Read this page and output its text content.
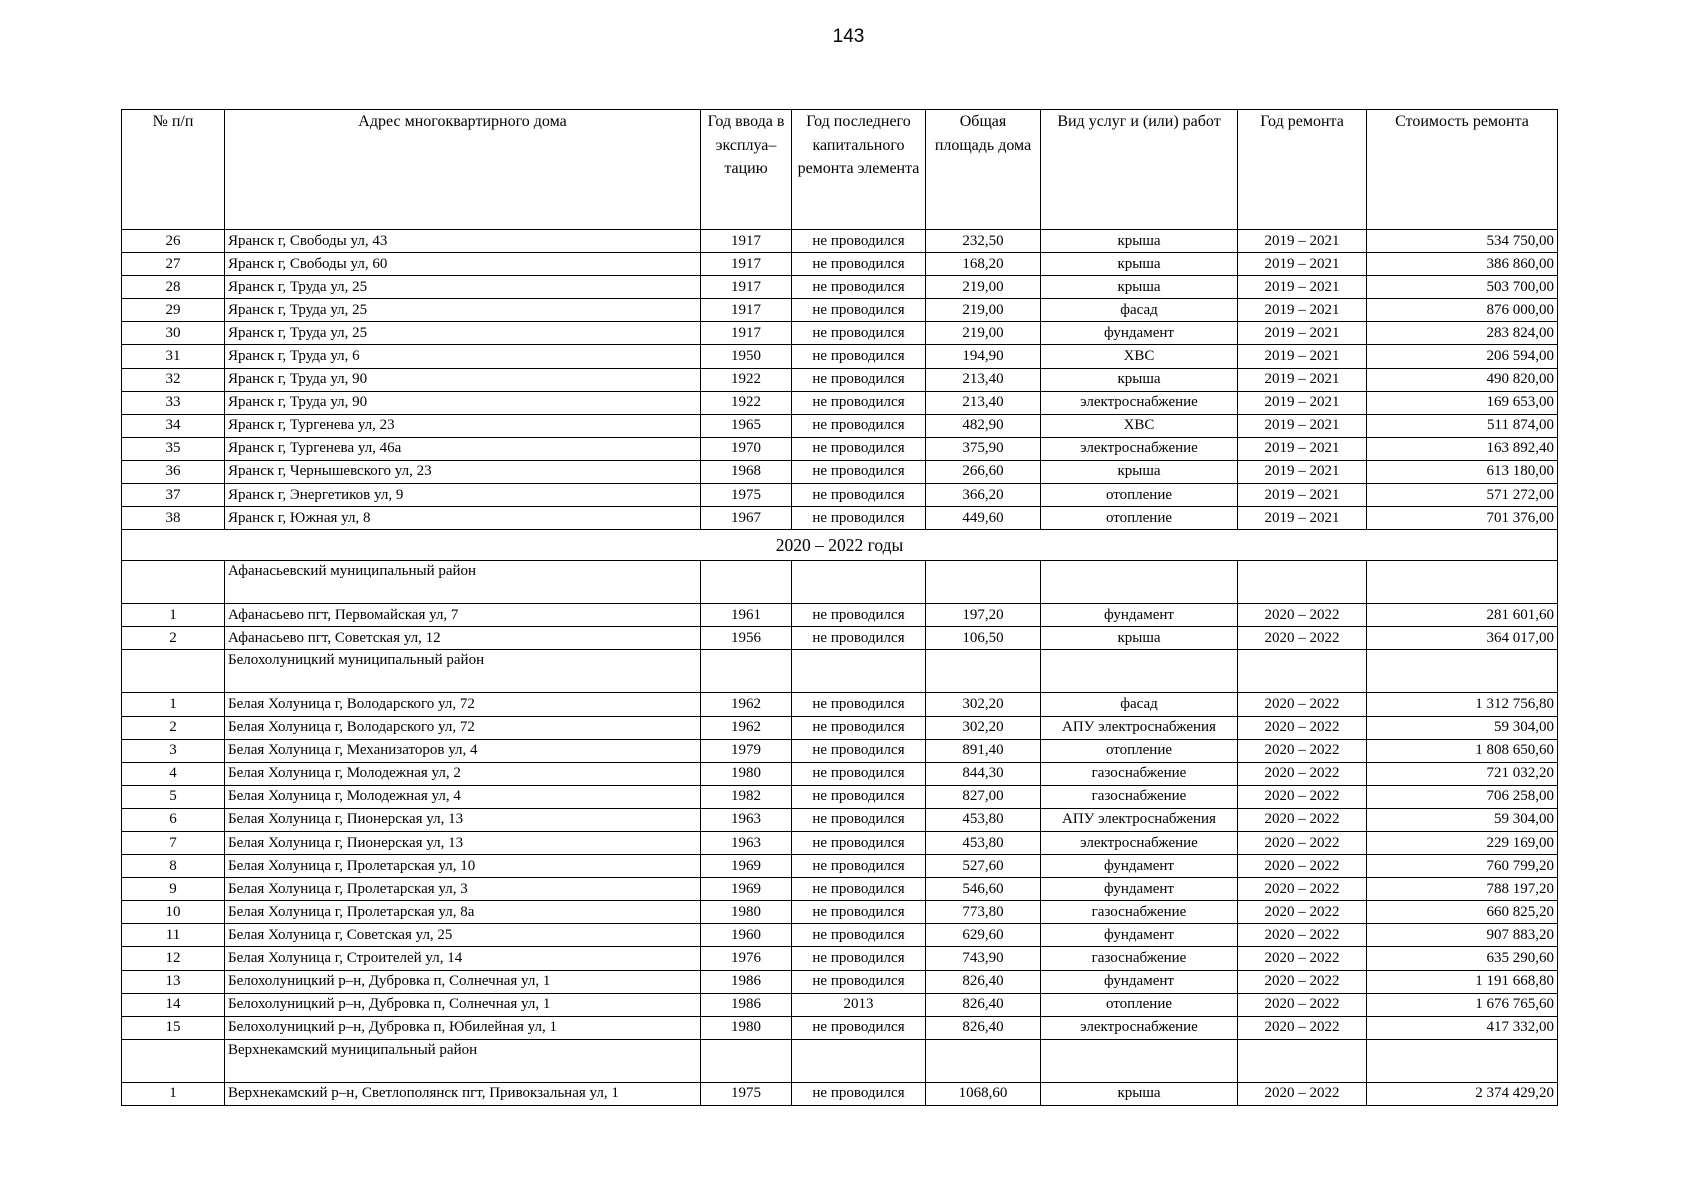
143
№ п/п	Адрес многоквартирного дома	Год ввода в эксплуа–тацию	Год последнего капитального ремонта элемента	Общая площадь дома	Вид услуг и (или) работ	Год ремонта	Стоимость ремонта
26	Яранск г, Свободы ул, 43	1917	не проводился	232,50	крыша	2019 – 2021	534 750,00
27	Яранск г, Свободы ул, 60	1917	не проводился	168,20	крыша	2019 – 2021	386 860,00
28	Яранск г, Труда ул, 25	1917	не проводился	219,00	крыша	2019 – 2021	503 700,00
29	Яранск г, Труда ул, 25	1917	не проводился	219,00	фасад	2019 – 2021	876 000,00
30	Яранск г, Труда ул, 25	1917	не проводился	219,00	фундамент	2019 – 2021	283 824,00
31	Яранск г, Труда ул, 6	1950	не проводился	194,90	ХВС	2019 – 2021	206 594,00
32	Яранск г, Труда ул, 90	1922	не проводился	213,40	крыша	2019 – 2021	490 820,00
33	Яранск г, Труда ул, 90	1922	не проводился	213,40	электроснабжение	2019 – 2021	169 653,00
34	Яранск г, Тургенева ул, 23	1965	не проводился	482,90	ХВС	2019 – 2021	511 874,00
35	Яранск г, Тургенева ул, 46а	1970	не проводился	375,90	электроснабжение	2019 – 2021	163 892,40
36	Яранск г, Чернышевского ул, 23	1968	не проводился	266,60	крыша	2019 – 2021	613 180,00
37	Яранск г, Энергетиков ул, 9	1975	не проводился	366,20	отопление	2019 – 2021	571 272,00
38	Яранск г, Южная ул, 8	1967	не проводился	449,60	отопление	2019 – 2021	701 376,00
2020 – 2022 годы							
	Афанасьевский муниципальный район						
1	Афанасьево пгт, Первомайская ул, 7	1961	не проводился	197,20	фундамент	2020 – 2022	281 601,60
2	Афанасьево пгт, Советская ул, 12	1956	не проводился	106,50	крыша	2020 – 2022	364 017,00
	Белохолуницкий муниципальный район						
1	Белая Холуница г, Володарского ул, 72	1962	не проводился	302,20	фасад	2020 – 2022	1 312 756,80
2	Белая Холуница г, Володарского ул, 72	1962	не проводился	302,20	АПУ электроснабжения	2020 – 2022	59 304,00
3	Белая Холуница г, Механизаторов ул, 4	1979	не проводился	891,40	отопление	2020 – 2022	1 808 650,60
4	Белая Холуница г, Молодежная ул, 2	1980	не проводился	844,30	газоснабжение	2020 – 2022	721 032,20
5	Белая Холуница г, Молодежная ул, 4	1982	не проводился	827,00	газоснабжение	2020 – 2022	706 258,00
6	Белая Холуница г, Пионерская ул, 13	1963	не проводился	453,80	АПУ электроснабжения	2020 – 2022	59 304,00
7	Белая Холуница г, Пионерская ул, 13	1963	не проводился	453,80	электроснабжение	2020 – 2022	229 169,00
8	Белая Холуница г, Пролетарская ул, 10	1969	не проводился	527,60	фундамент	2020 – 2022	760 799,20
9	Белая Холуница г, Пролетарская ул, 3	1969	не проводился	546,60	фундамент	2020 – 2022	788 197,20
10	Белая Холуница г, Пролетарская ул, 8а	1980	не проводился	773,80	газоснабжение	2020 – 2022	660 825,20
11	Белая Холуница г, Советская ул, 25	1960	не проводился	629,60	фундамент	2020 – 2022	907 883,20
12	Белая Холуница г, Строителей ул, 14	1976	не проводился	743,90	газоснабжение	2020 – 2022	635 290,60
13	Белохолуницкий р–н, Дубровка п, Солнечная ул, 1	1986	не проводился	826,40	фундамент	2020 – 2022	1 191 668,80
14	Белохолуницкий р–н, Дубровка п, Солнечная ул, 1	1986	2013	826,40	отопление	2020 – 2022	1 676 765,60
15	Белохолуницкий р–н, Дубровка п, Юбилейная ул, 1	1980	не проводился	826,40	электроснабжение	2020 – 2022	417 332,00
	Верхнекамский муниципальный район						
1	Верхнекамский р–н, Светлополянск пгт, Привокзальная ул, 1	1975	не проводился	1068,60	крыша	2020 – 2022	2 374 429,20
